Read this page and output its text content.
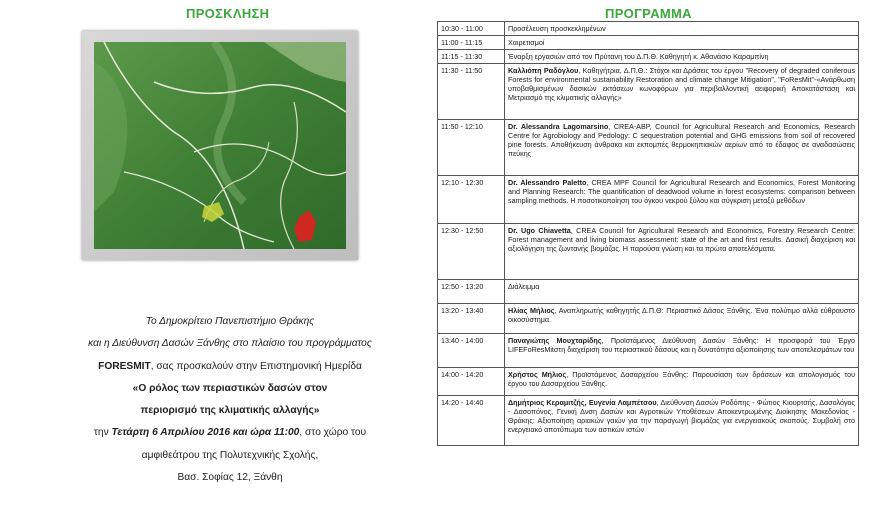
ΠΡΟΣΚΛΗΣΗ	ΠΡΟΓΡΑΜΜΑ
Το Δημοκρίτειο Πανεπιστήμιο Θράκης
και η Διεύθυνση Δασών Ξάνθης στο πλαίσιο του προγράμματος
FORESMIT, σας προσκαλούν στην Επιστημονική Ημερίδα
«Ο ρόλος των περιαστικών δασών στον
περιορισμό της κλιματικής αλλαγής»
την Τετάρτη 6 Απριλίου 2016 και ώρα 11:00, στο χώρο του
αμφιθεάτρου της Πολυτεχνικής Σχολής,
Βασ. Σοφίας 12, Ξάνθη
10:30 - 11:00	Προσέλευση προσκεκλημένων
11:00 - 11:15	Χαιρετισμοί
11:15 - 11:30	Έναρξη εργασιών από τον Πρύτανη του Δ.Π.Θ. Καθηγητή κ. Αθανάσιο Καραμπίνη
11:30 - 11:50	Καλλιόπη Ραδόγλου, Καθηγήτρια, Δ.Π.Θ.: Στόχοι και Δράσεις του έργου "Recovery of degraded coniferous Forests for environmental sustainability Restoration and climate change Mitigation", "FoResMit"-«Ανάρθωση υποβαθμισμένων δασικών εκτάσεων κωνοφόρων για περιβαλλοντική αειφορική Αποκατάσταση και Μετριασμό της κλιματικής αλλαγής»
11:50 - 12:10	Dr. Alessandra Lagomarsino, CREA-ABP, Council for Agricultural Research and Economics, Research Centre for Agrobiology and Pedology: C sequestration potential and GHG emissions from soil of recovered pine forests. Αποθήκευση άνθρακα και εκπομπές θερμοκηπιακών αερίων από το έδαφος σε αναδασώσεις πεύκης
12:10 - 12:30	Dr. Alessandro Paletto, CREA MPF Council for Agricultural Research and Economics, Forest Monitoring and Planning Research: The quantification of deadwood volume in forest ecosystems: comparison between sampling methods. Η ποσοτικοποίηση του όγκου νεκρού ξύλου και σύγκριση μεταξύ μεθόδων
12:30 - 12:50	Dr. Ugo Chiavetta, CREA Council for Agricultural Research and Economics, Forestry Research Centre: Forest management and living biomass assessment: state of the art and first results. Δασική διαχείριση και αξιολόγηση της ζωντανής βιομάζας. Η παρούσα γνώση και τα πρώτα αποτελέσματα.
12:50 - 13:20	Διάλειμμα
13:20 - 13:40	Ηλίας Μήλιος, Αναπληρωτής καθηγητής Δ.Π.Θ: Περιαστικό Δάσος Ξάνθης. Ένα πολύτιμο αλλά εύθραυστο οικοσύστημα.
13:40 - 14:00	Παναγιώτης Μουχταρίδης, Προϊστάμενος Διεύθυνση Δασών Ξάνθης: Η προσφορά του Έργο LIFEFoResMitστη διαχείριση του περιαστικού δάσους και η δυνατότητα αξιοποίησης των αποτελεσμάτων του
14:00 - 14:20	Χρήστος Μήλιος, Προϊστάμενος Δασαρχείου Ξάνθης: Παρουσίαση των δράσεων και απολογισμός του έργου του Δασαρχείου Ξάνθης.
14:20 - 14:40	Δημήτριος Κεραμιτζής, Ευγενία Λαμπέτσου, Διεύθυνση Δασών Ροδόπης - Φώτιος Κιουρτσής, Δασολόγος - Δασοπόνος, Γενική Δνση Δασών και Αγροτικών Υποθέσεων Αποκεντρωμένης Διοίκησης Μακεδονίας - Θράκης: Αξιοποίηση αριακών γαιών για την παραγωγή βιομάζας για ενεργειακούς σκοπούς. Συμβολή στο ενεργειακό αποτύπωμα των αστικών ιστών
